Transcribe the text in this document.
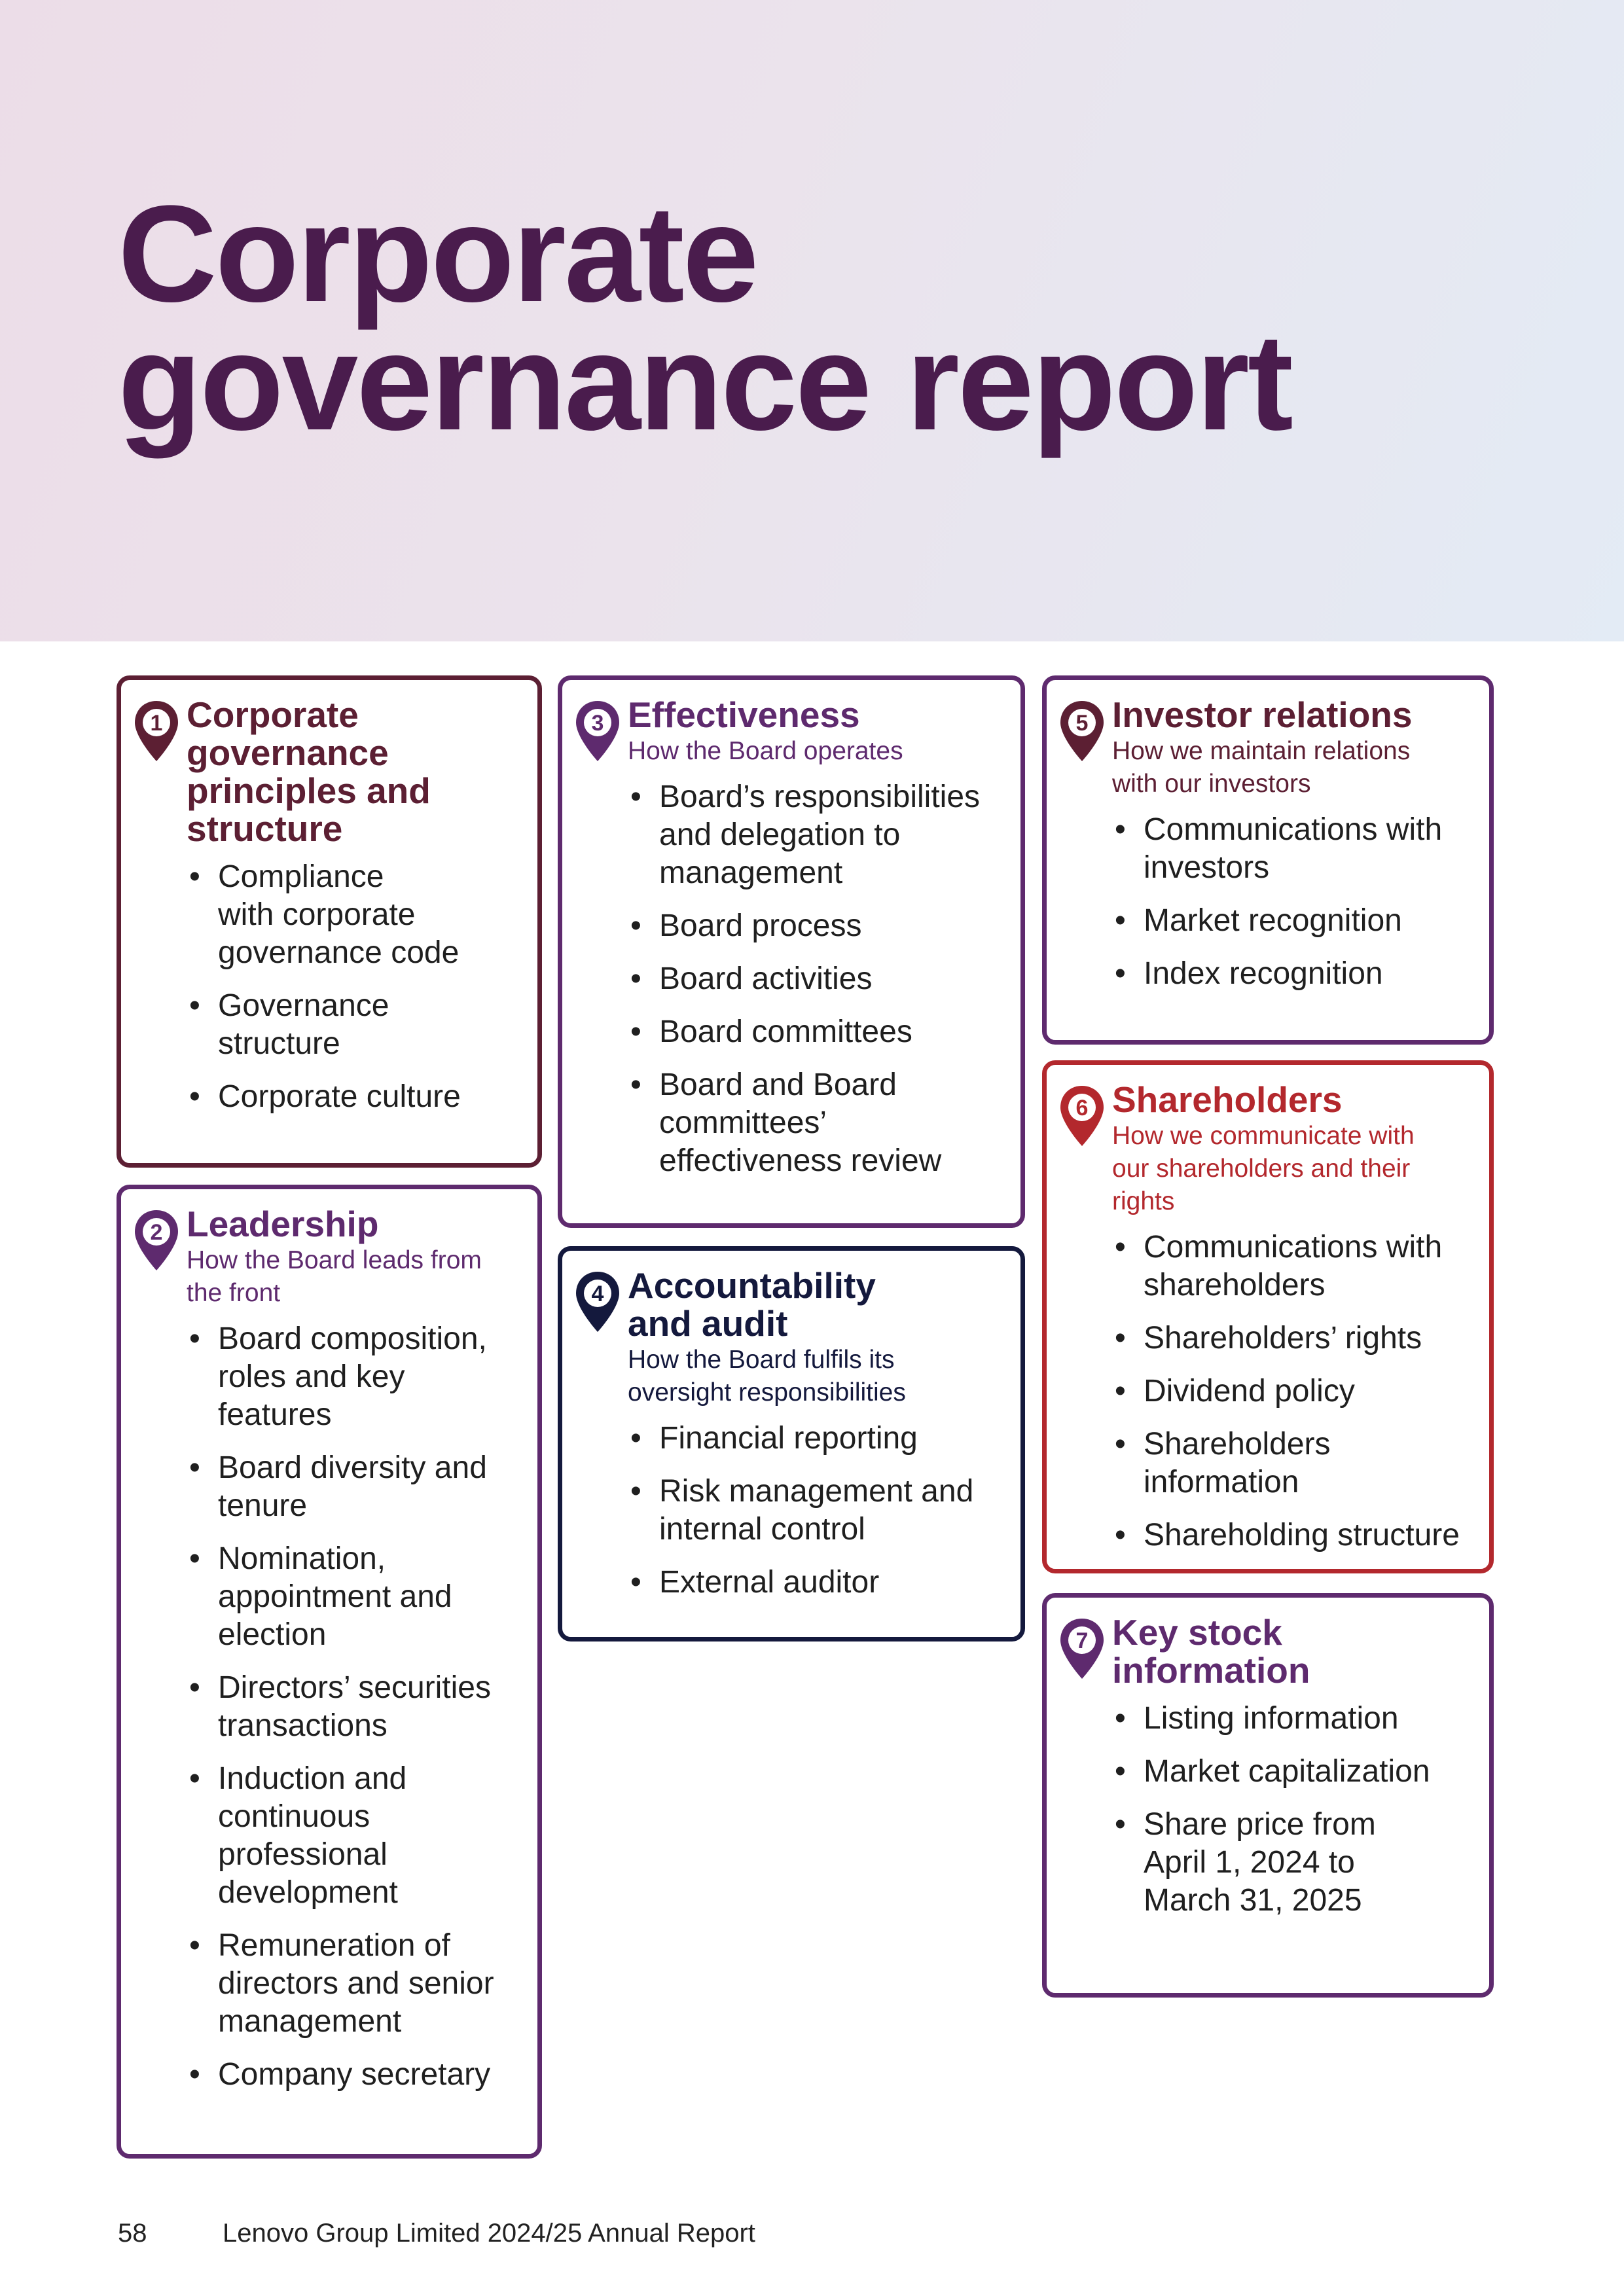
Corporate
governance report
1 Corporate
governance
principles and
structure
• Compliance
with corporate
governance code
• Governance
structure
• Corporate culture
2 Leadership
How the Board leads from
the front
• Board composition,
roles and key
features
• Board diversity and
tenure
• Nomination,
appointment and
election
• Directors’ securities
transactions
• Induction and
continuous
professional
development
• Remuneration of
directors and senior
management
• Company secretary
3 Effectiveness
How the Board operates
• Board’s responsibilities
and delegation to
management
• Board process
• Board activities
• Board committees
• Board and Board
committees’
effectiveness review
4 Accountability
and audit
How the Board fulfils its
oversight responsibilities
• Financial reporting
• Risk management and
internal control
• External auditor
5 Investor relations
How we maintain relations
with our investors
• Communications with
investors
• Market recognition
• Index recognition
6 Shareholders
How we communicate with
our shareholders and their
rights
• Communications with
shareholders
• Shareholders’ rights
• Dividend policy
• Shareholders
information
• Shareholding structure
7 Key stock
information
• Listing information
• Market capitalization
• Share price from
April 1, 2024 to
March 31, 2025
58	Lenovo Group Limited 2024/25 Annual Report
